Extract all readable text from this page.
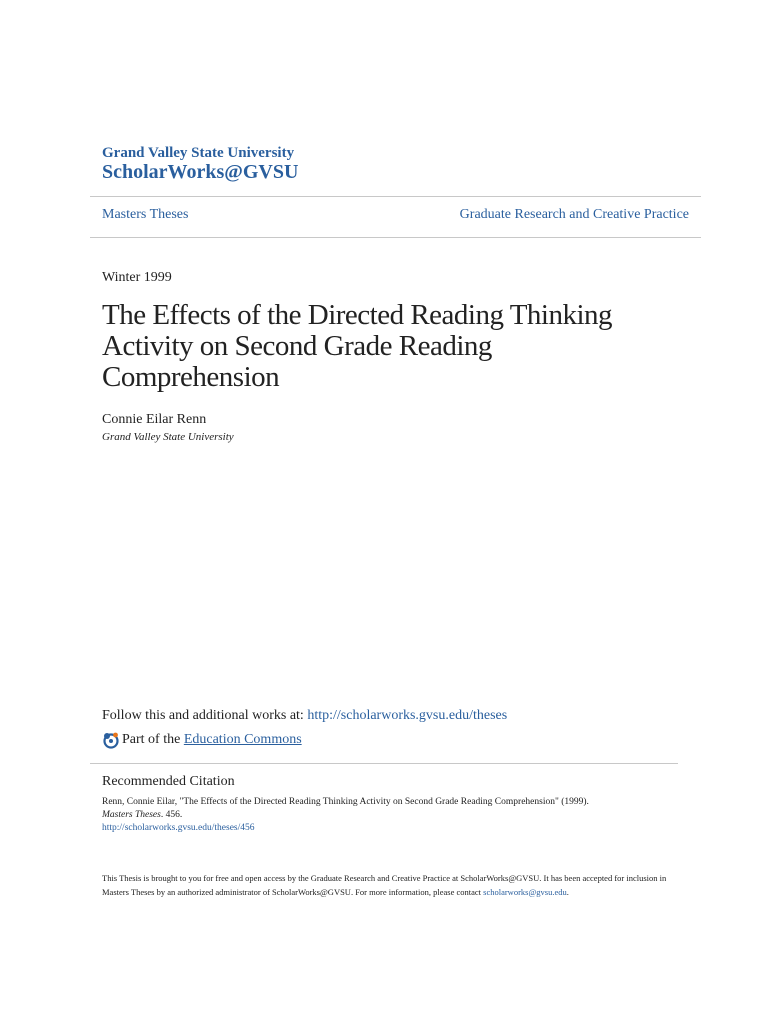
Grand Valley State University
ScholarWorks@GVSU
Masters Theses	Graduate Research and Creative Practice
Winter 1999
The Effects of the Directed Reading Thinking Activity on Second Grade Reading Comprehension
Connie Eilar Renn
Grand Valley State University
Follow this and additional works at: http://scholarworks.gvsu.edu/theses
Part of the
Education Commons
Recommended Citation
Renn, Connie Eilar, "The Effects of the Directed Reading Thinking Activity on Second Grade Reading Comprehension" (1999).
Masters Theses. 456.
http://scholarworks.gvsu.edu/theses/456
This Thesis is brought to you for free and open access by the Graduate Research and Creative Practice at ScholarWorks@GVSU. It has been accepted for inclusion in Masters Theses by an authorized administrator of ScholarWorks@GVSU. For more information, please contact scholarworks@gvsu.edu.
